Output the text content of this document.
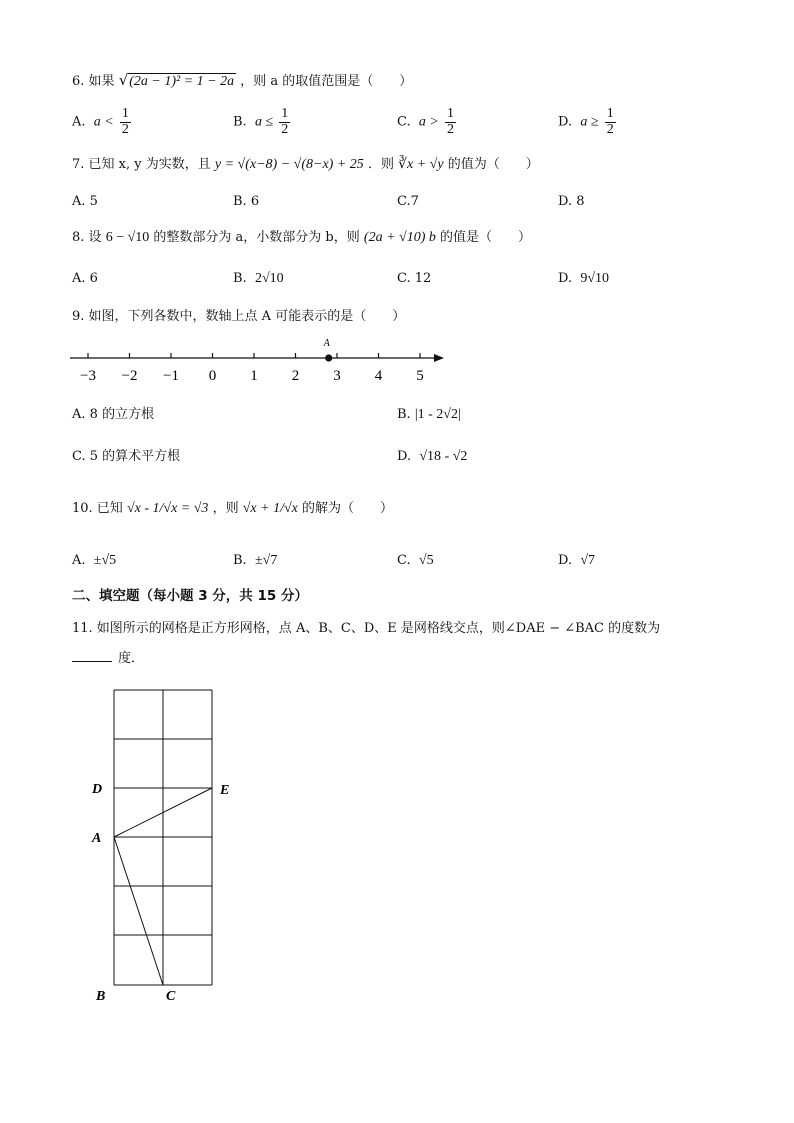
6. 如果 √(2a − 1)² = 1 − 2a ，则 a 的取值范围是（　　）
A. $a < \frac{1}{2}$	B. $a \le \frac{1}{2}$	C. $a > \frac{1}{2}$	D. $a \ge \frac{1}{2}$
7. 已知 x, y 为实数，且 y = √(x−8) − √(8−x) + 25 ．则 ∛x + √y 的值为（　　）
A. 5	B. 6	C.7	D. 8
8. 设 6 − √10 的整数部分为 a，小数部分为 b，则 (2a + √10) b 的值是（　　）
A. 6	B. 2√10	C. 12	D. 9√10
9. 如图，下列各数中，数轴上点 A 可能表示的是（　　）
−3 −2 −1 0 1 2 3 4 5
A
A. 8 的立方根	B. |1 - 2√2|
C. 5 的算术平方根	D. √18 - √2
10. 已知 √x - 1/√x = √3 ，则 √x + 1/√x 的解为（　　）
A. ±√5	B. ±√7	C. √5	D. √7
二、填空题（每小题 3 分，共 15 分）
11. 如图所示的网格是正方形网格，点 A、B、C、D、E 是网格线交点，则∠DAE − ∠BAC 的度数为
度．
D	E
A
B	C
